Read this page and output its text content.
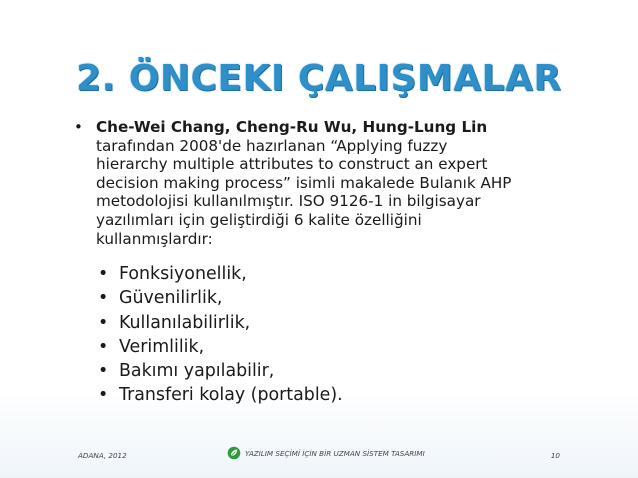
2. ÖNCEKI ÇALIŞMALAR
• Che-Wei Chang, Cheng-Ru Wu, Hung-Lung Lin
tarafından 2008'de hazırlanan “Applying fuzzy
hierarchy multiple attributes to construct an expert
decision making process” isimli makalede Bulanık AHP
metodolojisi kullanılmıştır. ISO 9126-1 in bilgisayar
yazılımları için geliştirdiği 6 kalite özelliğini
kullanmışlardır:
• Fonksiyonellik,
• Güvenilirlik,
• Kullanılabilirlik,
• Verimlilik,
• Bakımı yapılabilir,
• Transferi kolay (portable).
ADANA, 2012	YAZILIM SEÇİMİ İÇİN BİR UZMAN SİSTEM TASARIMI	10
